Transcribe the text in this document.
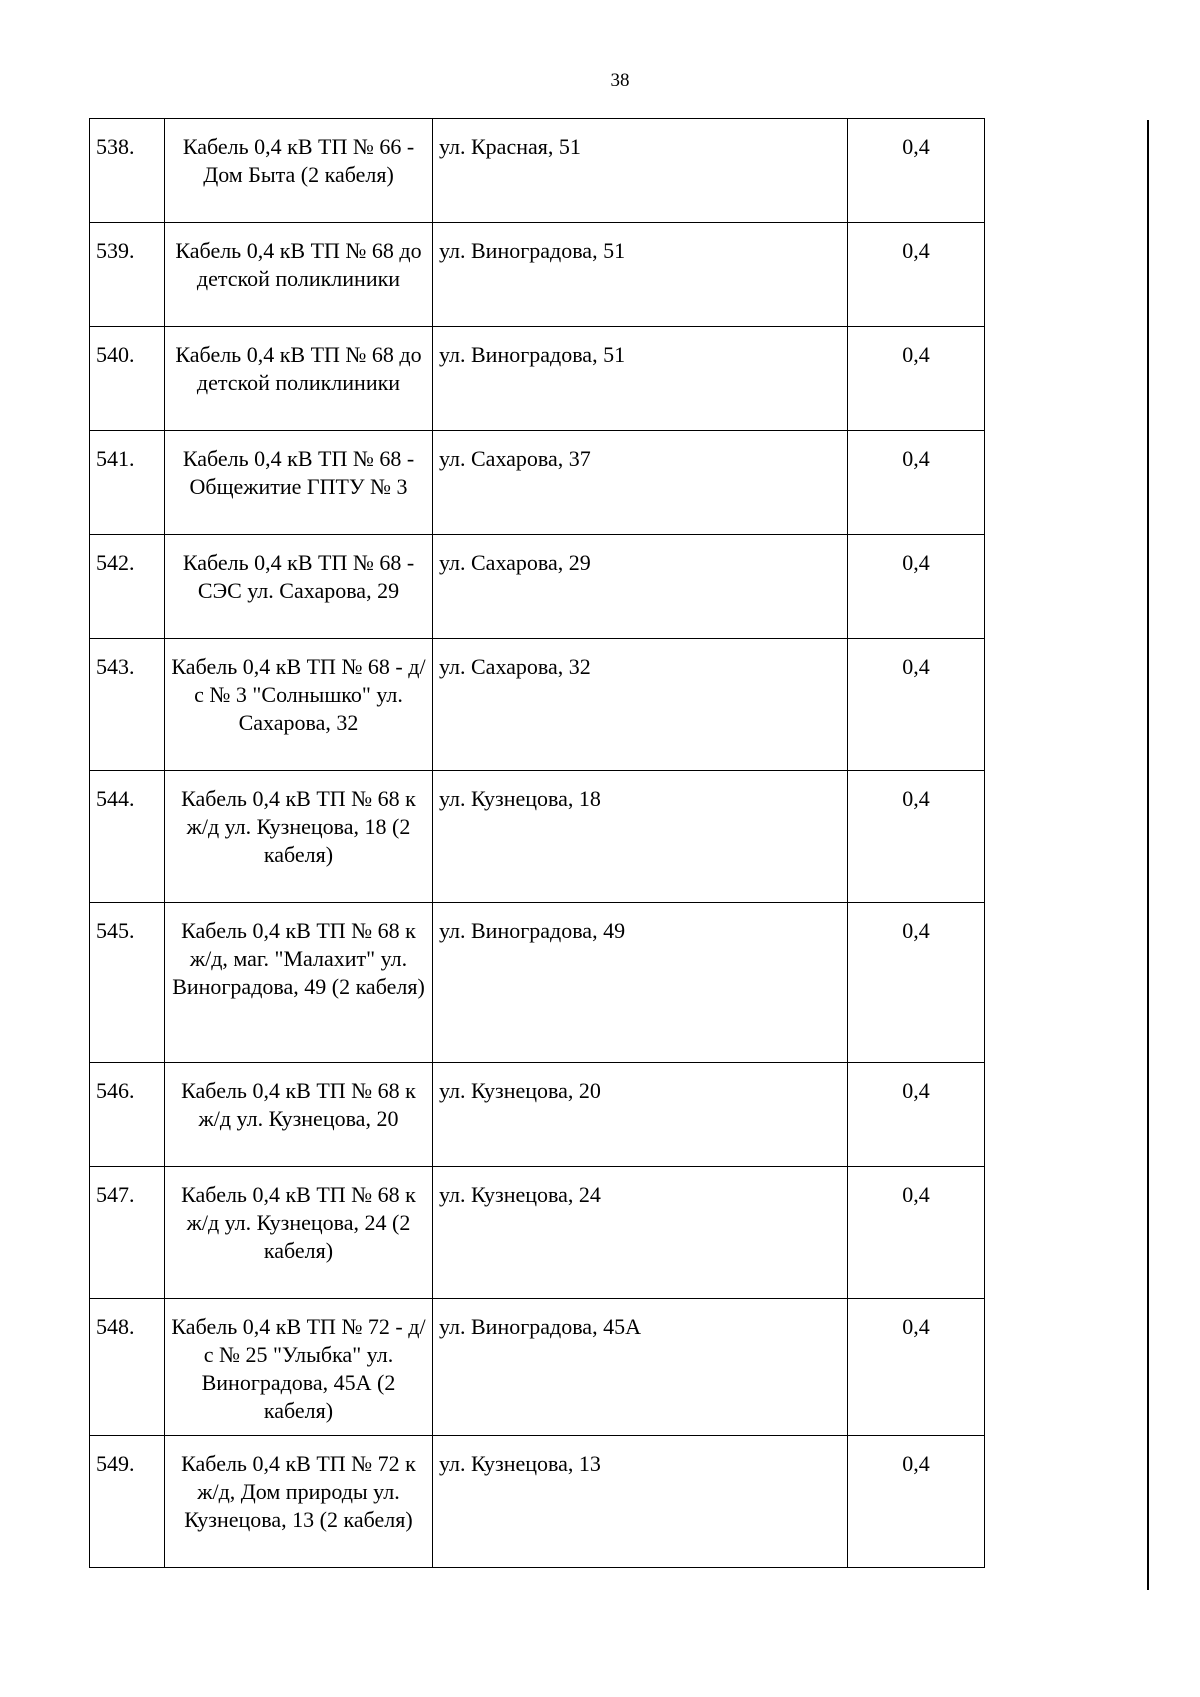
38
538.	Кабель 0,4 кВ ТП № 66 - Дом Быта (2 кабеля)	ул. Красная, 51	0,4
539.	Кабель 0,4 кВ ТП № 68 до детской поликлиники	ул. Виноградова, 51	0,4
540.	Кабель 0,4 кВ ТП № 68 до детской поликлиники	ул. Виноградова, 51	0,4
541.	Кабель 0,4 кВ ТП № 68 - Общежитие ГПТУ № 3	ул. Сахарова, 37	0,4
542.	Кабель 0,4 кВ ТП № 68 - СЭС ул. Сахарова, 29	ул. Сахарова, 29	0,4
543.	Кабель 0,4 кВ ТП № 68 - д/с № 3 "Солнышко" ул. Сахарова, 32	ул. Сахарова, 32	0,4
544.	Кабель 0,4 кВ ТП № 68 к ж/д ул. Кузнецова, 18 (2 кабеля)	ул. Кузнецова, 18	0,4
545.	Кабель 0,4 кВ ТП № 68 к ж/д, маг. "Малахит" ул. Виноградова, 49 (2 кабеля)	ул. Виноградова, 49	0,4
546.	Кабель 0,4 кВ ТП № 68 к ж/д ул. Кузнецова, 20	ул. Кузнецова, 20	0,4
547.	Кабель 0,4 кВ ТП № 68 к ж/д ул. Кузнецова, 24 (2 кабеля)	ул. Кузнецова, 24	0,4
548.	Кабель 0,4 кВ ТП № 72 - д/с № 25 "Улыбка" ул. Виноградова, 45А (2 кабеля)	ул. Виноградова, 45А	0,4
549.	Кабель 0,4 кВ ТП № 72 к ж/д, Дом природы ул. Кузнецова, 13 (2 кабеля)	ул. Кузнецова, 13	0,4
